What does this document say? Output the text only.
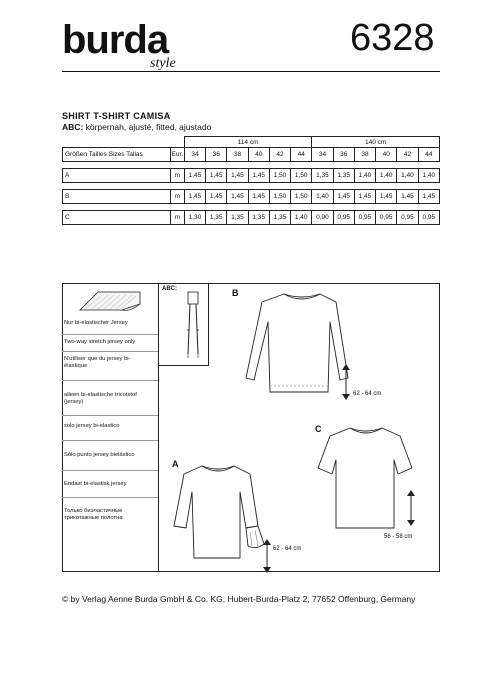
burda
style
6328
SHIRT T-SHIRT CAMISA
ABC: körpernah, ajusté, fitted, ajustado
		114 cm						140 cm					
Größen Tailles Sizes Tallas	Eur.	34	36	38	40	42	44	34	36	38	40	42	44

A	m	1,45	1,45	1,45	1,45	1,50	1,50	1,35	1,35	1,40	1,40	1,40	1,40

B	m	1,45	1,45	1,45	1,45	1,50	1,50	1,40	1,45	1,45	1,45	1,45	1,45

C	m	1,30	1,35	1,35	1,35	1,35	1,40	0,90	0,95	0,95	0,95	0,95	0,95
Nur bi-elastischer Jersey
Two-way stretch jersey only
N'utiliser que du jersey bi-élastique
alleen bi-elastische tricotstof (jersey)
solo jersey bi-elastico
Sólo punto jersey bielástico
Endast bi-elastisk jersey
Только биэластичные трикотажные полотна
ABC:	B
C
A
62 - 64 cm
56 - 58 cm
62 - 64 cm
© by Verlag Aenne Burda GmbH & Co. KG, Hubert-Burda-Platz 2, 77652 Offenburg, Germany
